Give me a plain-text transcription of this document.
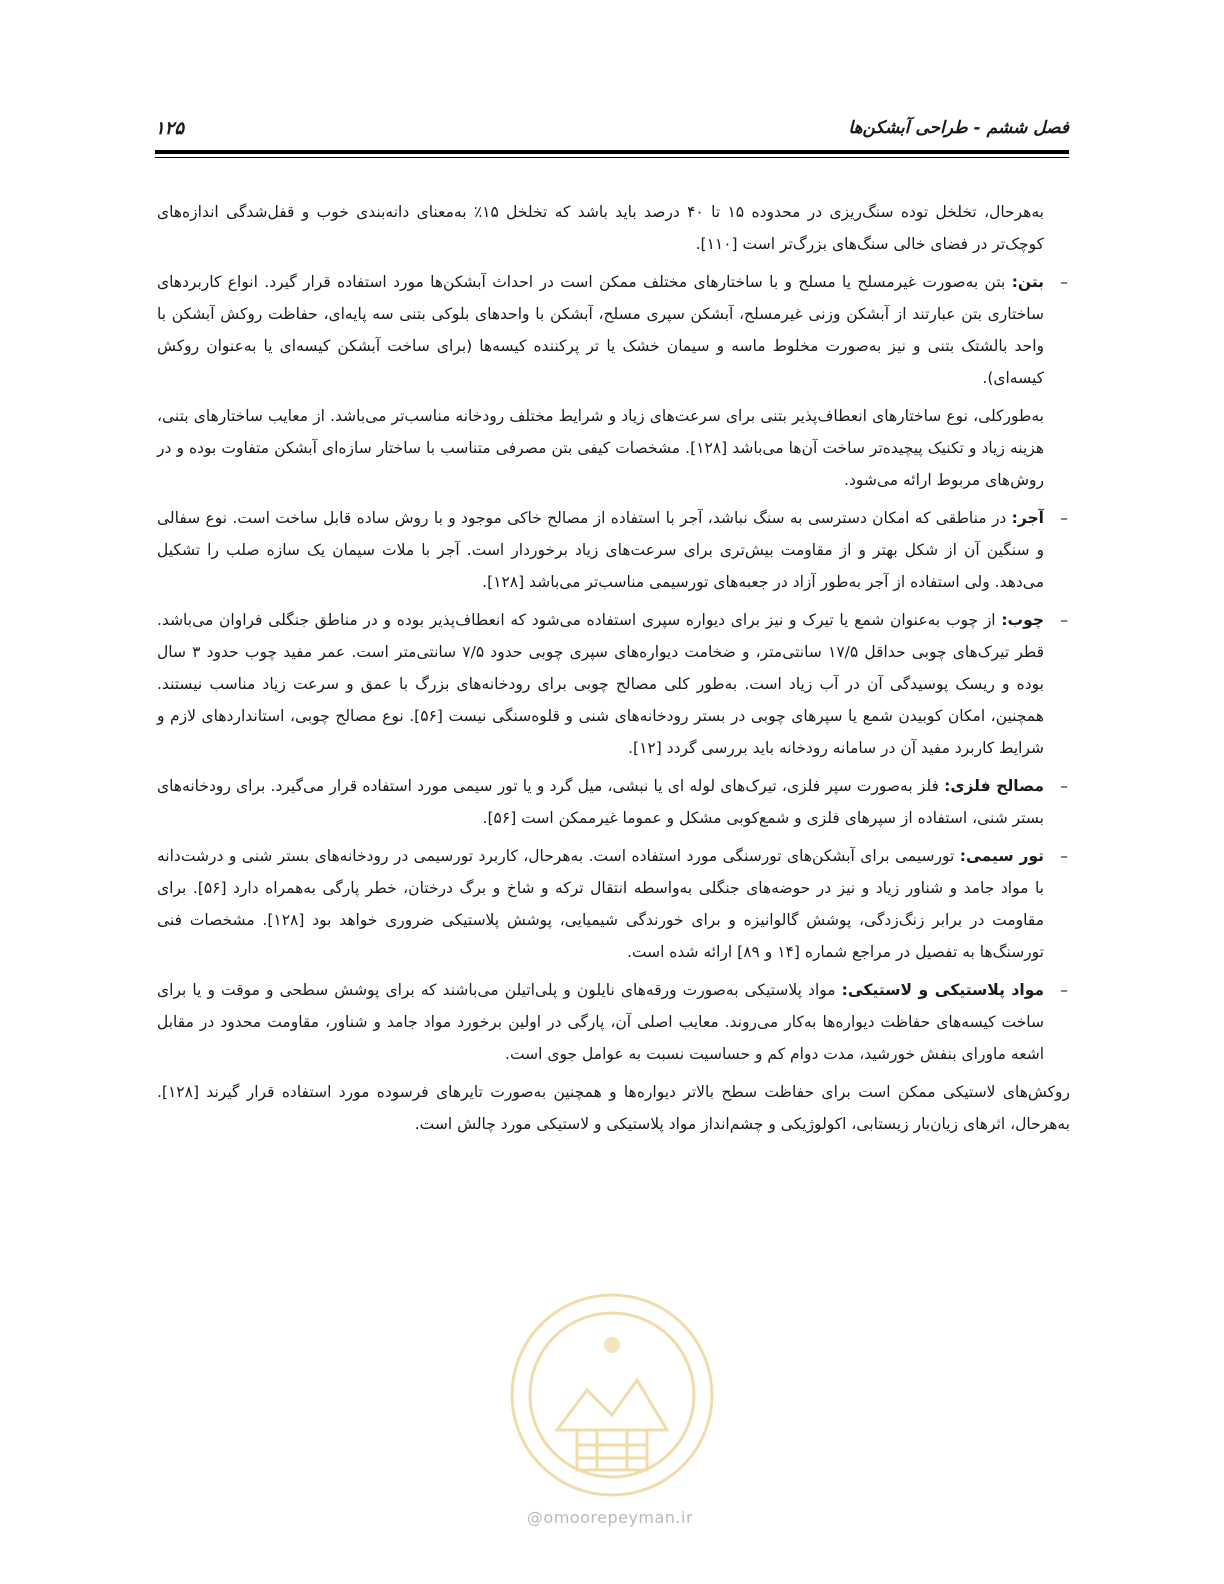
فصل ششم - طراحی آبشکن‌ها
۱۲۵

به‌هرحال، تخلخل توده سنگ‌ریزی در محدوده ۱۵ تا ۴۰ درصد باید باشد که تخلخل ۱۵٪ به‌معنای دانه‌بندی خوب و قفل‌شدگی اندازه‌های کوچک‌تر در فضای خالی سنگ‌های بزرگ‌تر است [۱۱۰].

–
بتن: بتن به‌صورت غیرمسلح یا مسلح و با ساختارهای مختلف ممکن است در احداث آبشکن‌ها مورد استفاده قرار گیرد. انواع کاربردهای ساختاری بتن عبارتند از آبشکن وزنی غیرمسلح، آبشکن سپری مسلح، آبشکن با واحدهای بلوکی بتنی سه پایه‌ای، حفاظت روکش آبشکن با واحد بالشتک بتنی و نیز به‌صورت مخلوط ماسه و سیمان خشک یا تر پرکننده کیسه‌ها (برای ساخت آبشکن کیسه‌ای یا به‌عنوان روکش کیسه‌ای).

به‌طورکلی، نوع ساختارهای انعطاف‌پذیر بتنی برای سرعت‌های زیاد و شرایط مختلف رودخانه مناسب‌تر می‌باشد. از معایب ساختارهای بتنی، هزینه زیاد و تکنیک پیچیده‌تر ساخت آن‌ها می‌باشد [۱۲۸]. مشخصات کیفی بتن مصرفی متناسب با ساختار سازه‌ای آبشکن متفاوت بوده و در روش‌های مربوط ارائه می‌شود.

–
آجر: در مناطقی که امکان دسترسی به سنگ نباشد، آجر با استفاده از مصالح خاکی موجود و با روش ساده قابل ساخت است. نوع سفالی و سنگین آن از شکل بهتر و از مقاومت بیش‌تری برای سرعت‌های زیاد برخوردار است. آجر با ملات سیمان یک سازه صلب را تشکیل می‌دهد. ولی استفاده از آجر به‌طور آزاد در جعبه‌های تورسیمی مناسب‌تر می‌باشد [۱۲۸].
–
چوب: از چوب به‌عنوان شمع یا تیرک و نیز برای دیواره سپری استفاده می‌شود که انعطاف‌پذیر بوده و در مناطق جنگلی فراوان می‌باشد. قطر تیرک‌های چوبی حداقل ۱۷/۵ سانتی‌متر، و ضخامت دیواره‌های سپری چوبی حدود ۷/۵ سانتی‌متر است. عمر مفید چوب حدود ۳ سال بوده و ریسک پوسیدگی آن در آب زیاد است. به‌طور کلی مصالح چوبی برای رودخانه‌های بزرگ با عمق و سرعت زیاد مناسب نیستند. همچنین، امکان کوبیدن شمع یا سپرهای چوبی در بستر رودخانه‌های شنی و قلوه‌سنگی نیست [۵۶]. نوع مصالح چوبی، استانداردهای لازم و شرایط کاربرد مفید آن در سامانه رودخانه باید بررسی گردد [۱۲].
–
مصالح فلزی: فلز به‌صورت سپر فلزی، تیرک‌های لوله ای یا نبشی، میل گرد و یا تور سیمی مورد استفاده قرار می‌گیرد. برای رودخانه‌های بستر شنی، استفاده از سپرهای فلزی و شمع‌کوبی مشکل و عموما غیرممکن است [۵۶].
–
تور سیمی: تورسیمی برای آبشکن‌های تورسنگی مورد استفاده است. به‌هرحال، کاربرد تورسیمی در رودخانه‌های بستر شنی و درشت‌دانه با مواد جامد و شناور زیاد و نیز در حوضه‌های جنگلی به‌واسطه انتقال ترکه و شاخ و برگ درختان، خطر پارگی به‌همراه دارد [۵۶]. برای مقاومت در برابر زنگ‌زدگی، پوشش گالوانیزه و برای خورندگی شیمیایی، پوشش پلاستیکی ضروری خواهد بود [۱۲۸]. مشخصات فنی تورسنگ‌ها به تفصیل در مراجع شماره [۱۴ و ۸۹] ارائه شده است.
–
مواد پلاستیکی و لاستیکی: مواد پلاستیکی به‌صورت ورقه‌های نایلون و پلی‌اتیلن می‌باشند که برای پوشش سطحی و موقت و یا برای ساخت کیسه‌های حفاظت دیواره‌ها به‌کار می‌روند. معایب اصلی آن، پارگی در اولین برخورد مواد جامد و شناور، مقاومت محدود در مقابل اشعه ماورای بنفش خورشید، مدت دوام کم و حساسیت نسبت به عوامل جوی است.

روکش‌های لاستیکی ممکن است برای حفاظت سطح بالاتر دیواره‌ها و همچنین به‌صورت تایرهای فرسوده مورد استفاده قرار گیرند [۱۲۸]. به‌هرحال، اثرهای زیان‌بار زیستابی، اکولوژیکی و چشم‌انداز مواد پلاستیکی و لاستیکی مورد چالش است.

@omoorepeyman.ir
